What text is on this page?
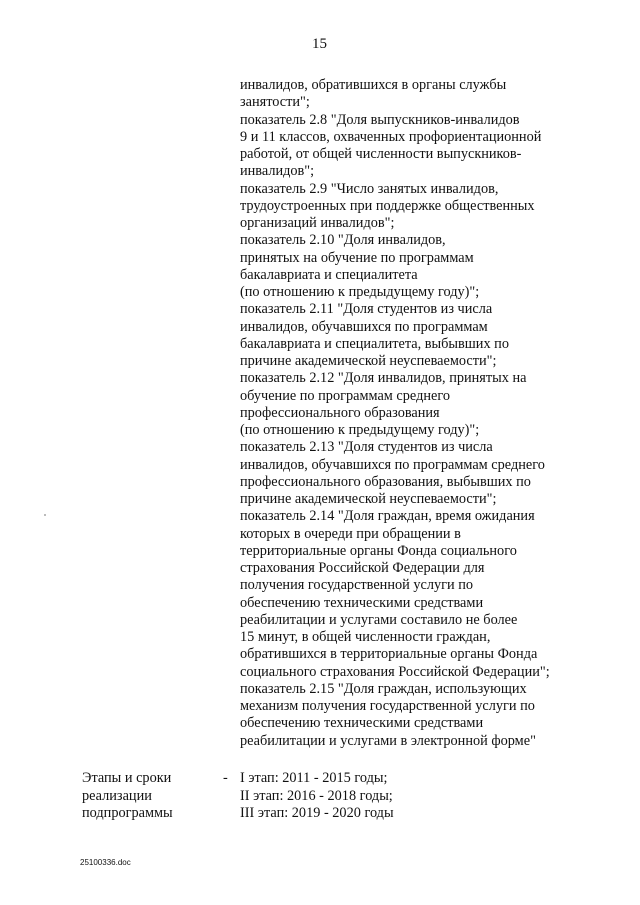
15
инвалидов, обратившихся в органы службы
занятости";
показатель 2.8 "Доля выпускников-инвалидов
9 и 11 классов, охваченных профориентационной
работой, от общей численности выпускников-
инвалидов";
показатель 2.9 "Число занятых инвалидов,
трудоустроенных при поддержке общественных
организаций инвалидов";
показатель 2.10 "Доля инвалидов,
принятых на обучение по программам
бакалавриата и специалитета
(по отношению к предыдущему году)";
показатель 2.11 "Доля студентов из числа
инвалидов, обучавшихся по программам
бакалавриата и специалитета, выбывших по
причине академической неуспеваемости";
показатель 2.12 "Доля инвалидов, принятых на
обучение по программам среднего
профессионального образования
(по отношению к предыдущему году)";
показатель 2.13 "Доля студентов из числа
инвалидов, обучавшихся по программам среднего
профессионального образования, выбывших по
причине академической неуспеваемости";
показатель 2.14 "Доля граждан, время ожидания
которых в очереди при обращении в
территориальные органы Фонда социального
страхования Российской Федерации для
получения государственной услуги по
обеспечению техническими средствами
реабилитации и услугами составило не более
15 минут, в общей численности граждан,
обратившихся в территориальные органы Фонда
социального страхования Российской Федерации";
показатель 2.15 "Доля граждан, использующих
механизм получения государственной услуги по
обеспечению техническими средствами
реабилитации и услугами в электронной форме"
Этапы и сроки
реализации
подпрограммы
- I этап: 2011 - 2015 годы;
II этап: 2016 - 2018 годы;
III этап: 2019 - 2020 годы
25100336.doc
